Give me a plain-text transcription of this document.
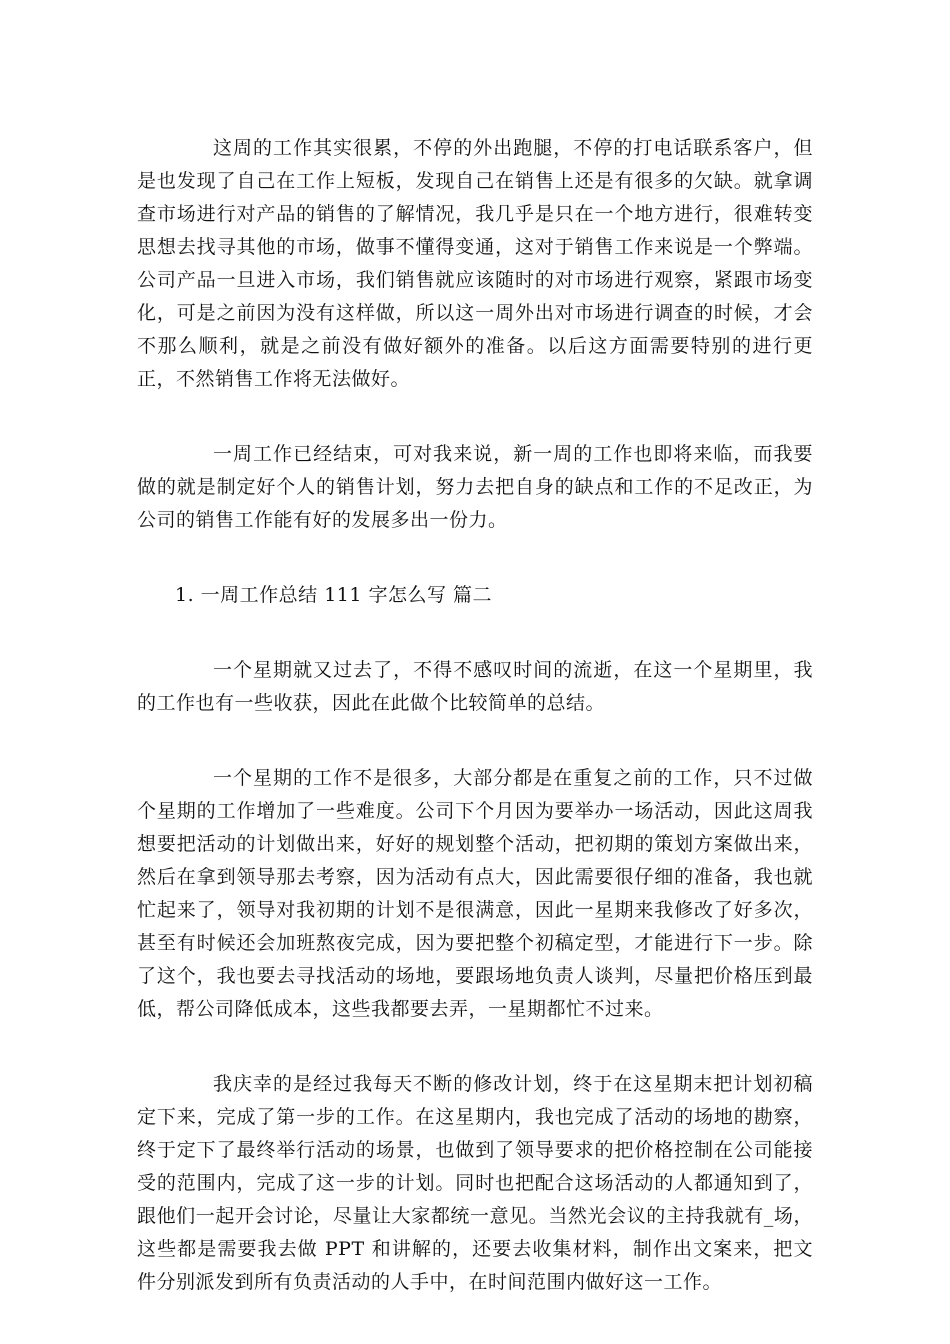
这周的工作其实很累，不停的外出跑腿，不停的打电话联系客户，但是也发现了自己在工作上短板，发现自己在销售上还是有很多的欠缺。就拿调查市场进行对产品的销售的了解情况，我几乎是只在一个地方进行，很难转变思想去找寻其他的市场，做事不懂得变通，这对于销售工作来说是一个弊端。公司产品一旦进入市场，我们销售就应该随时的对市场进行观察，紧跟市场变化，可是之前因为没有这样做，所以这一周外出对市场进行调查的时候，才会不那么顺利，就是之前没有做好额外的准备。以后这方面需要特别的进行更正，不然销售工作将无法做好。

一周工作已经结束，可对我来说，新一周的工作也即将来临，而我要做的就是制定好个人的销售计划，努力去把自身的缺点和工作的不足改正，为公司的销售工作能有好的发展多出一份力。

1. 一周工作总结 111 字怎么写 篇二

一个星期就又过去了，不得不感叹时间的流逝，在这一个星期里，我的工作也有一些收获，因此在此做个比较简单的总结。

一个星期的工作不是很多，大部分都是在重复之前的工作，只不过做个星期的工作增加了一些难度。公司下个月因为要举办一场活动，因此这周我想要把活动的计划做出来，好好的规划整个活动，把初期的策划方案做出来，然后在拿到领导那去考察，因为活动有点大，因此需要很仔细的准备，我也就忙起来了，领导对我初期的计划不是很满意，因此一星期来我修改了好多次，甚至有时候还会加班熬夜完成，因为要把整个初稿定型，才能进行下一步。除了这个，我也要去寻找活动的场地，要跟场地负责人谈判，尽量把价格压到最低，帮公司降低成本，这些我都要去弄，一星期都忙不过来。

我庆幸的是经过我每天不断的修改计划，终于在这星期末把计划初稿定下来，完成了第一步的工作。在这星期内，我也完成了活动的场地的勘察，终于定下了最终举行活动的场景，也做到了领导要求的把价格控制在公司能接受的范围内，完成了这一步的计划。同时也把配合这场活动的人都通知到了，跟他们一起开会讨论，尽量让大家都统一意见。当然光会议的主持我就有_场，这些都是需要我去做 PPT 和讲解的，还要去收集材料，制作出文案来，把文件分别派发到所有负责活动的人手中，在时间范围内做好这一工作。
